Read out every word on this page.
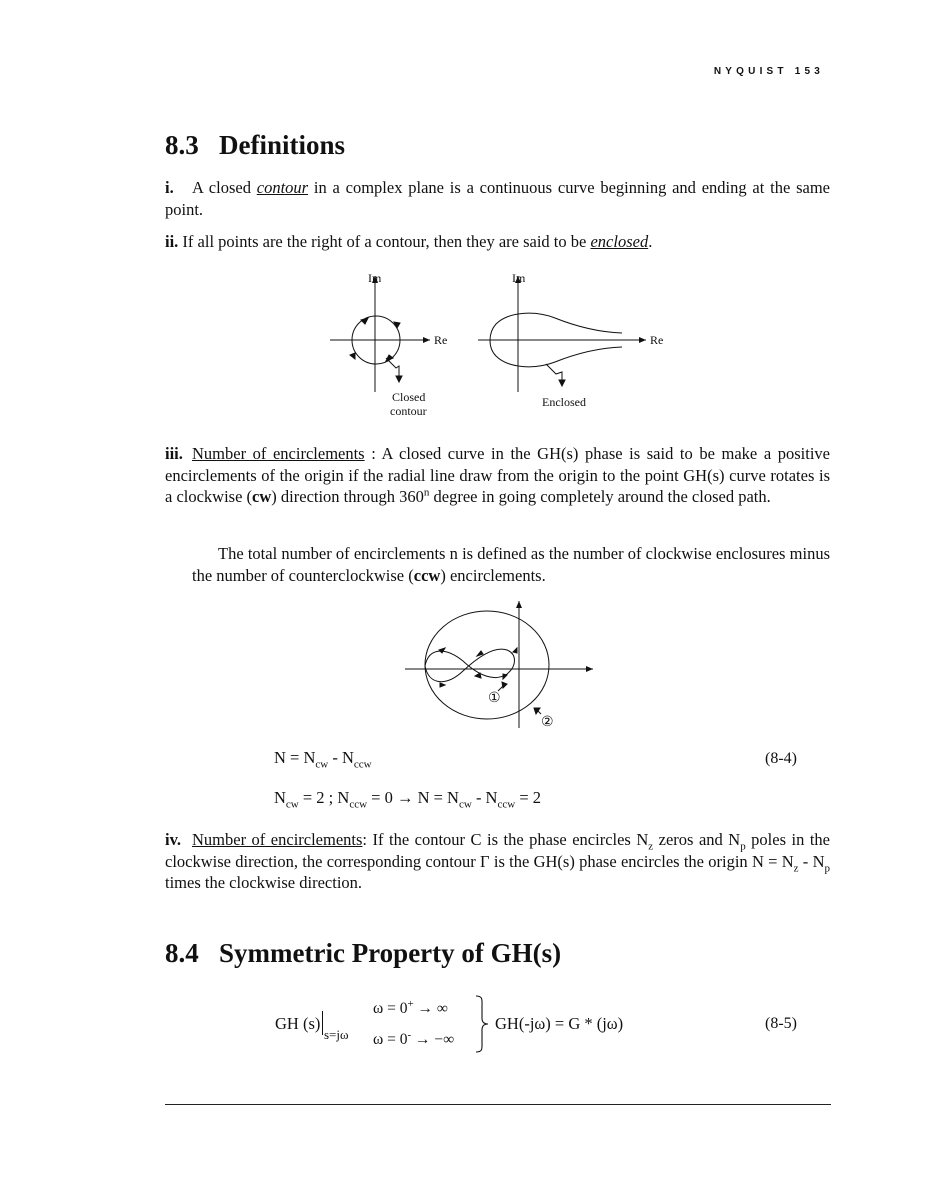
NYQUIST 153
8.3 Definitions
i. A closed contour in a complex plane is a continuous curve beginning and ending at the same point.
ii. If all points are the right of a contour, then they are said to be enclosed.
Im
Re
Closed
contour
Im
Re
Enclosed
iii. Number of encirclements : A closed curve in the GH(s) phase is said to be make a positive encirclements of the origin if the radial line draw from the origin to the point GH(s) curve rotates is a clockwise (cw) direction through 360$^n$ degree in going completely around the closed path.
The total number of encirclements n is defined as the number of clockwise enclosures minus the number of counterclockwise (ccw) encirclements.
①
②
$N = N_{cw} - N_{ccw}$	(8-4)
$N_{cw} = 2$ ; $N_{ccw} = 0 \to N = N_{cw} - N_{ccw} = 2$
iv. Number of encirclements: If the contour C is the phase encircles $N_z$ zeros and $N_p$ poles in the clockwise direction, the corresponding contour Γ is the GH(s) phase encircles the origin $N = N_z - N_p$ times the clockwise direction.
8.4 Symmetric Property of GH(s)
GH (s)
s=jω
ω = 0+ → ∞
ω = 0- → −∞
GH(-jω) = G * (jω)	(8-5)
